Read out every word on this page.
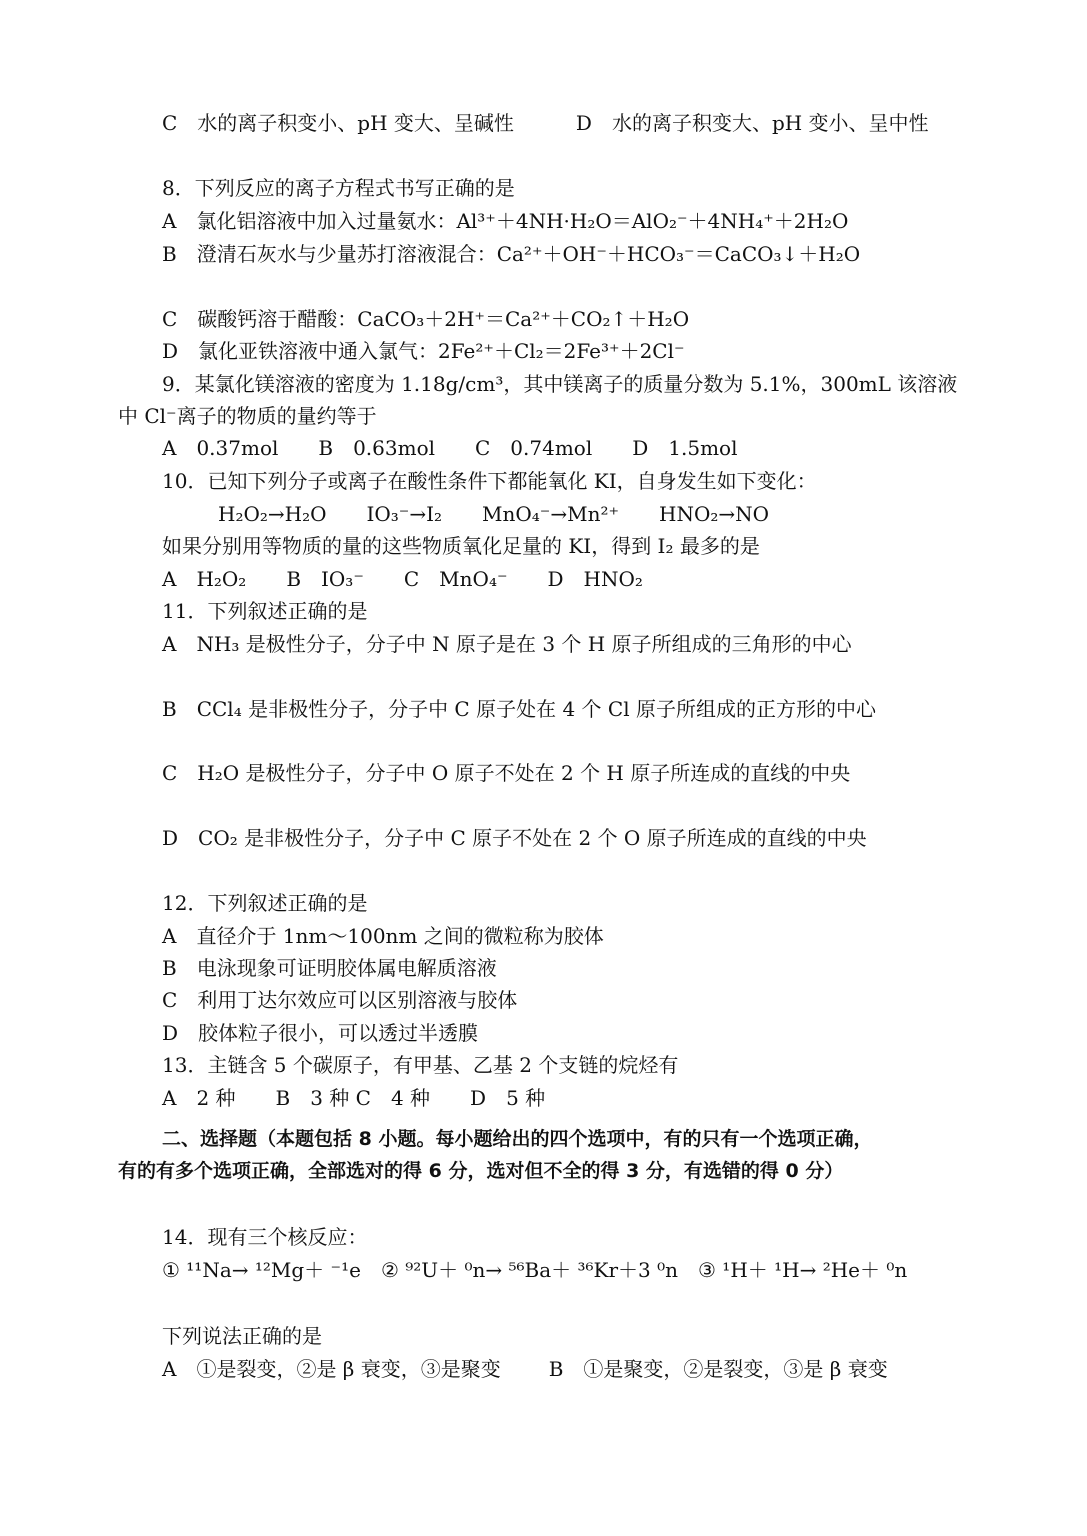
C　水的离子积变小、pH 变大、呈碱性	D　水的离子积变大、pH 变小、呈中性
8．下列反应的离子方程式书写正确的是
A　氯化铝溶液中加入过量氨水：Al³⁺＋4NH·H₂O＝AlO₂⁻＋4NH₄⁺＋2H₂O
B　澄清石灰水与少量苏打溶液混合：Ca²⁺＋OH⁻＋HCO₃⁻＝CaCO₃↓＋H₂O
C　碳酸钙溶于醋酸：CaCO₃＋2H⁺＝Ca²⁺＋CO₂↑＋H₂O
D　氯化亚铁溶液中通入氯气：2Fe²⁺＋Cl₂＝2Fe³⁺＋2Cl⁻
9．某氯化镁溶液的密度为 1.18g/cm³，其中镁离子的质量分数为 5.1%，300mL 该溶液
中 Cl⁻离子的物质的量约等于
A　0.37mol　　B　0.63mol　　C　0.74mol　　D　1.5mol
10．已知下列分子或离子在酸性条件下都能氧化 KI，自身发生如下变化：
H₂O₂→H₂O　　IO₃⁻→I₂　　MnO₄⁻→Mn²⁺　　HNO₂→NO
如果分别用等物质的量的这些物质氧化足量的 KI，得到 I₂ 最多的是
A　H₂O₂　　B　IO₃⁻　　C　MnO₄⁻　　D　HNO₂
11．下列叙述正确的是
A　NH₃ 是极性分子，分子中 N 原子是在 3 个 H 原子所组成的三角形的中心
B　CCl₄ 是非极性分子，分子中 C 原子处在 4 个 Cl 原子所组成的正方形的中心
C　H₂O 是极性分子，分子中 O 原子不处在 2 个 H 原子所连成的直线的中央
D　CO₂ 是非极性分子，分子中 C 原子不处在 2 个 O 原子所连成的直线的中央
12．下列叙述正确的是
A　直径介于 1nm～100nm 之间的微粒称为胶体
B　电泳现象可证明胶体属电解质溶液
C　利用丁达尔效应可以区别溶液与胶体
D　胶体粒子很小，可以透过半透膜
13．主链含 5 个碳原子，有甲基、乙基 2 个支链的烷烃有
A　2 种　　B　3 种 C　4 种　　D　5 种
二、选择题（本题包括 8 小题。每小题给出的四个选项中，有的只有一个选项正确，
有的有多个选项正确，全部选对的得 6 分，选对但不全的得 3 分，有选错的得 0 分）
14．现有三个核反应：
① ¹¹Na→ ¹²Mg＋ ⁻¹e　② ⁹²U＋ ⁰n→ ⁵⁶Ba＋ ³⁶Kr＋3 ⁰n　③ ¹H＋ ¹H→ ²He＋ ⁰n
下列说法正确的是
A　①是裂变，②是 β 衰变，③是聚变 B　①是聚变，②是裂变，③是 β 衰变
